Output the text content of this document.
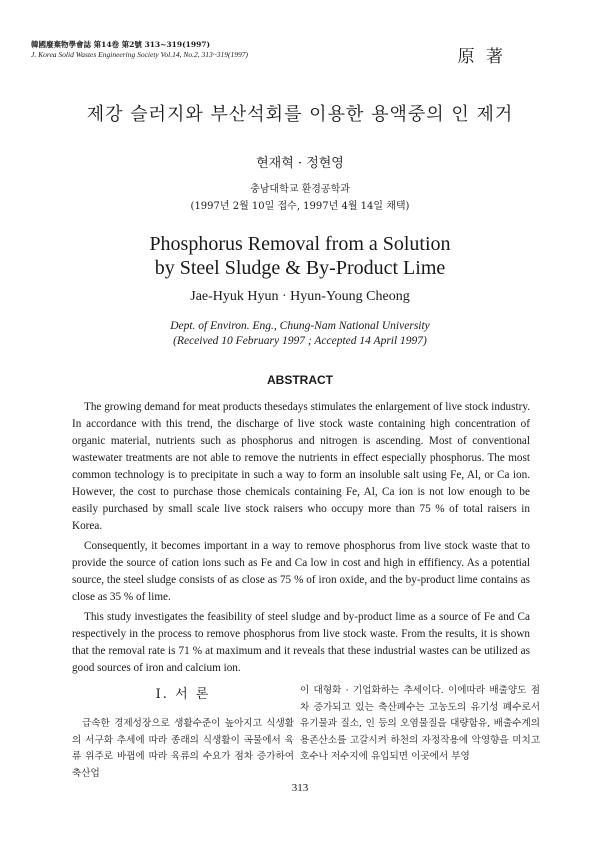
韓國廢棄物學會誌 第14卷 第2號 313~319(1997)
J. Korea Solid Wastes Engineering Society Vol.14, No.2, 313~319(1997)	原 著
제강 슬러지와 부산석회를 이용한 용액중의 인 제거
현재혁 · 정현영
충남대학교 환경공학과
(1997년 2월 10일 접수, 1997년 4월 14일 채택)
Phosphorus Removal from a Solution
by Steel Sludge & By-Product Lime
Jae-Hyuk Hyun · Hyun-Young Cheong
Dept. of Environ. Eng., Chung-Nam National University
(Received 10 February 1997 ; Accepted 14 April 1997)
ABSTRACT

The growing demand for meat products thesedays stimulates the enlargement of live stock industry. In accordance with this trend, the discharge of live stock waste containing high concentration of organic material, nutrients such as phosphorus and nitrogen is ascending. Most of conventional wastewater treatments are not able to remove the nutrients in effect especially phosphorus. The most common technology is to precipitate in such a way to form an insoluble salt using Fe, Al, or Ca ion. However, the cost to purchase those chemicals containing Fe, Al, Ca ion is not low enough to be easily purchased by small scale live stock raisers who occupy more than 75 % of total raisers in Korea.

Consequently, it becomes important in a way to remove phosphorus from live stock waste that to provide the source of cation ions such as Fe and Ca low in cost and high in effifiency. As a potential source, the steel sludge consists of as close as 75 % of iron oxide, and the by-product lime contains as close as 35 % of lime.

This study investigates the feasibility of steel sludge and by-product lime as a source of Fe and Ca respectively in the process to remove phosphorus from live stock waste. From the results, it is shown that the removal rate is 71 % at maximum and it reveals that these industrial wastes can be utilized as good sources of iron and calcium ion.

Ⅰ. 서 론

급속한 경제성장으로 생활수준이 높아지고 식생활의 서구화 추세에 따라 종래의 식생활이 곡물에서 육류 위주로 바뀜에 따라 육류의 수요가 점차 증가하여 축산업

이 대형화 · 기업화하는 추세이다. 이에따라 배출양도 점차 증가되고 있는 축산폐수는 고농도의 유기성 폐수로서 유기물과 질소, 인 등의 오염물질을 대량함유, 배출수계의 용존산소를 고갈시켜 하천의 자정작용에 악영향을 미치고 호수나 저수지에 유입되면 이곳에서 부영

313
